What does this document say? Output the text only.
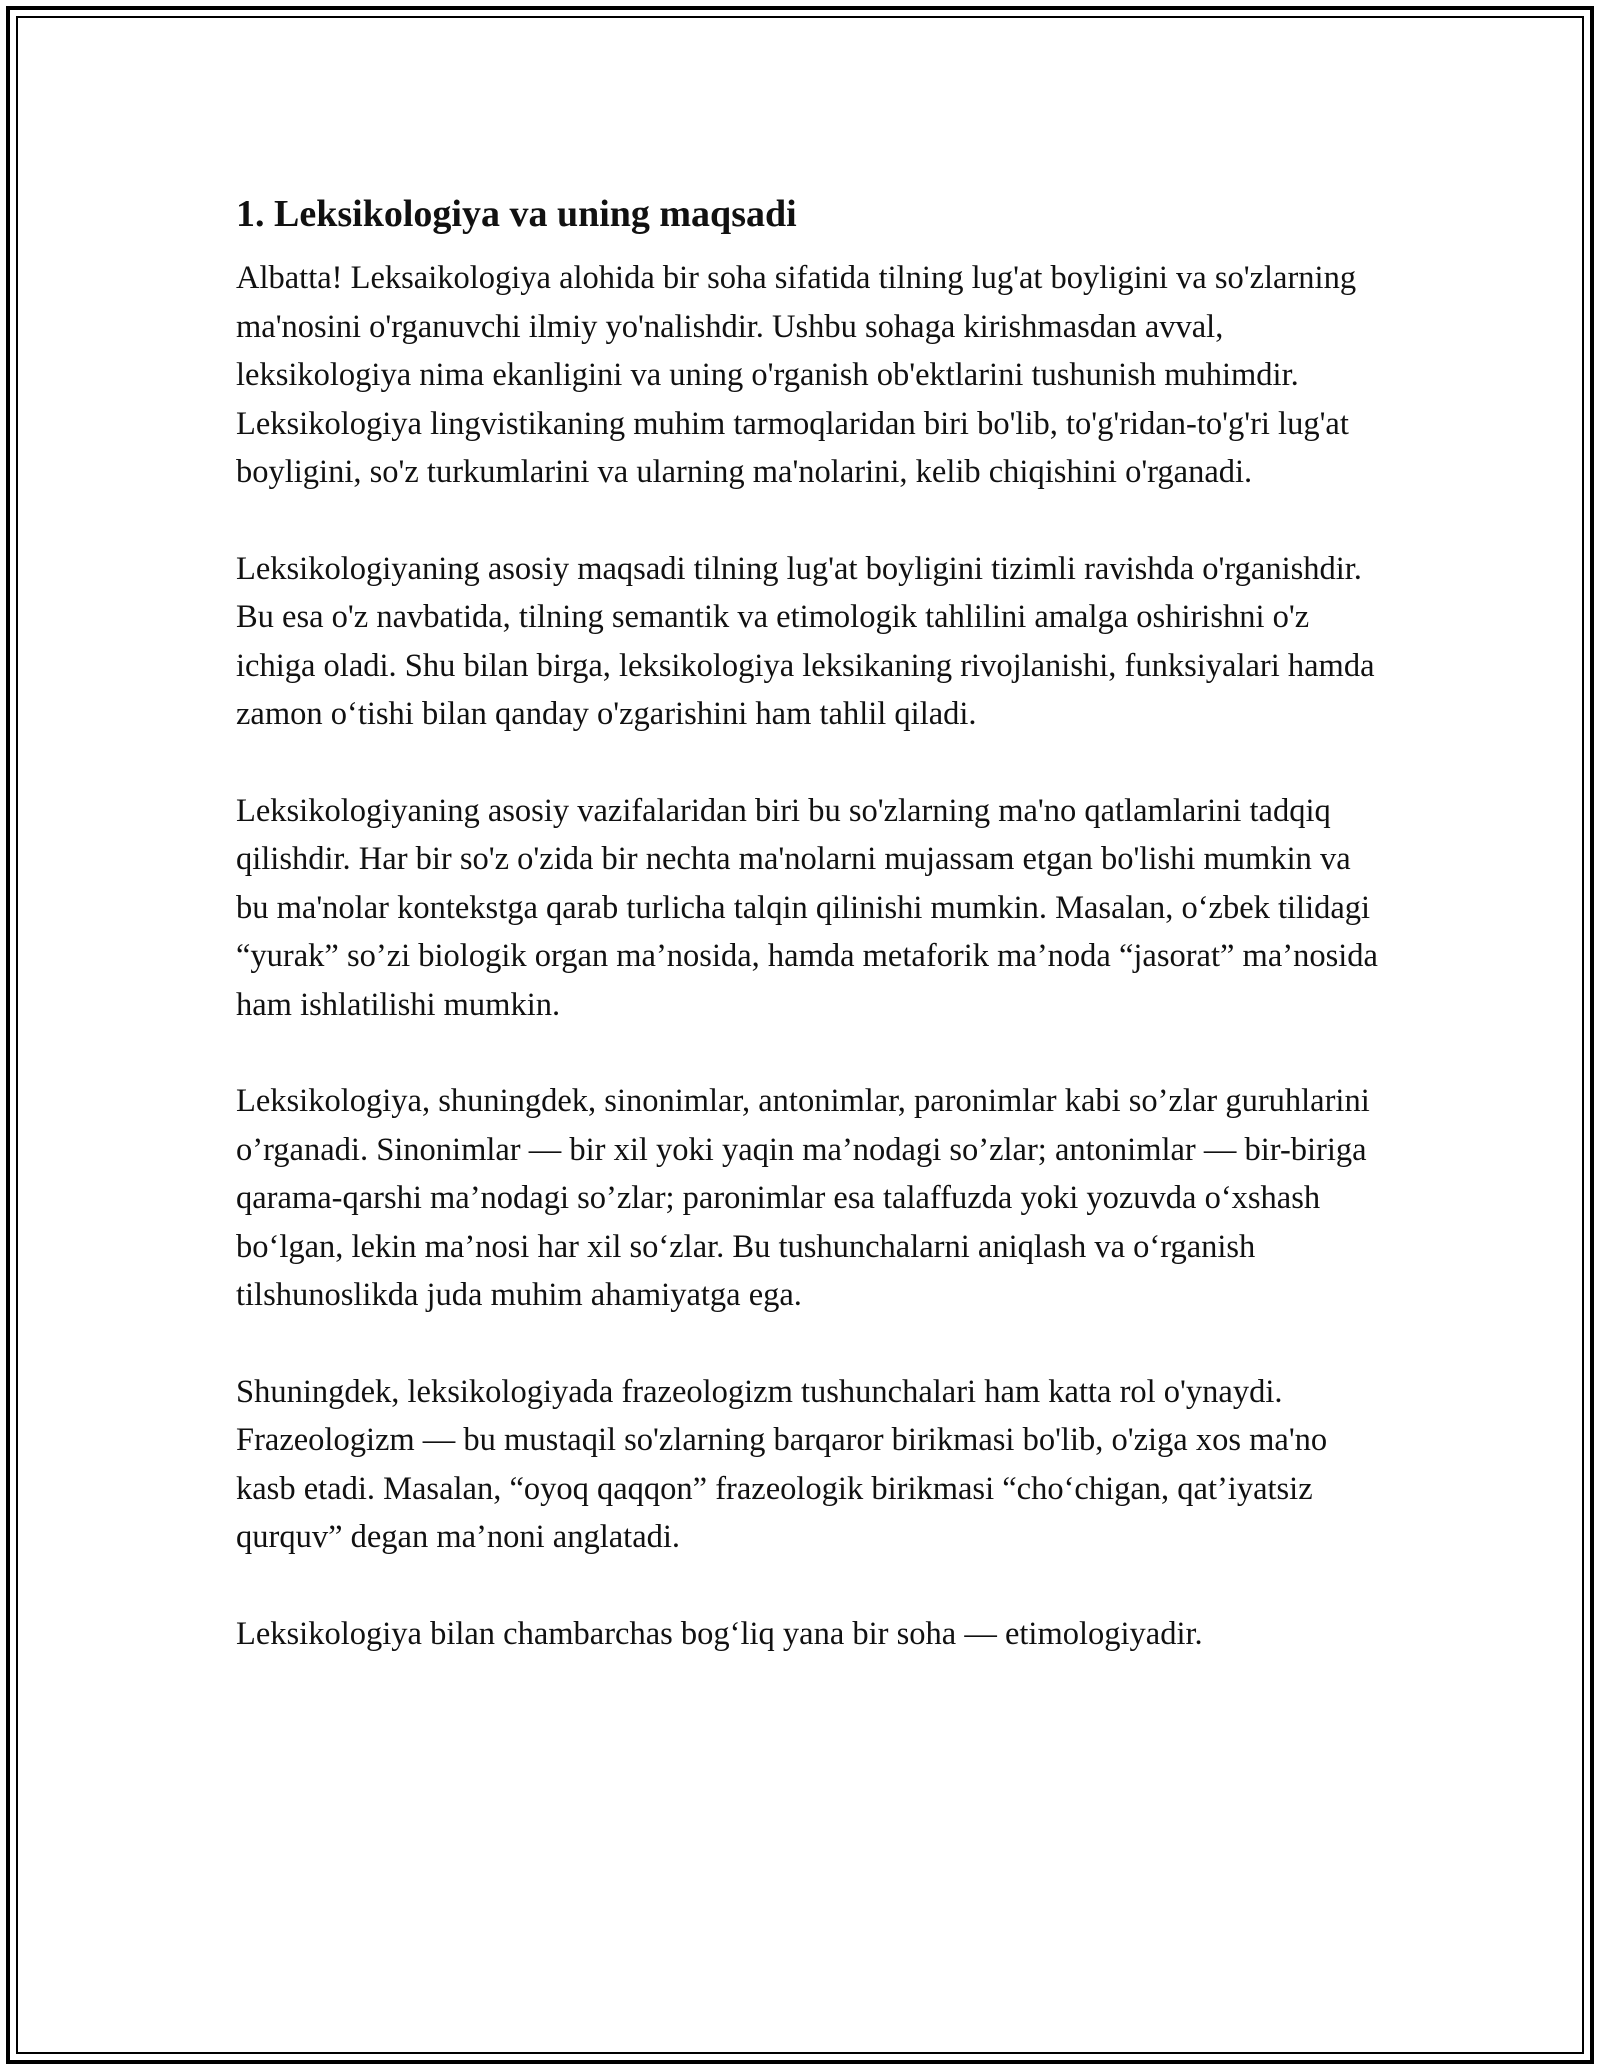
1. Leksikologiya va uning maqsadi

Albatta! Leksaikologiya alohida bir soha sifatida tilning lug'at boyligini va so'zlarning ma'nosini o'rganuvchi ilmiy yo'nalishdir. Ushbu sohaga kirishmasdan avval, leksikologiya nima ekanligini va uning o'rganish ob'ektlarini tushunish muhimdir. Leksikologiya lingvistikaning muhim tarmoqlaridan biri bo'lib, to'g'ridan-to'g'ri lug'at boyligini, so'z turkumlarini va ularning ma'nolarini, kelib chiqishini o'rganadi.

Leksikologiyaning asosiy maqsadi tilning lug'at boyligini tizimli ravishda o'rganishdir. Bu esa o'z navbatida, tilning semantik va etimologik tahlilini amalga oshirishni o'z ichiga oladi. Shu bilan birga, leksikologiya leksikaning rivojlanishi, funksiyalari hamda zamon o‘tishi bilan qanday o'zgarishini ham tahlil qiladi.

Leksikologiyaning asosiy vazifalaridan biri bu so'zlarning ma'no qatlamlarini tadqiq qilishdir. Har bir so'z o'zida bir nechta ma'nolarni mujassam etgan bo'lishi mumkin va bu ma'nolar kontekstga qarab turlicha talqin qilinishi mumkin. Masalan, o‘zbek tilidagi “yurak” so’zi biologik organ ma’nosida, hamda metaforik ma’noda “jasorat” ma’nosida ham ishlatilishi mumkin.

Leksikologiya, shuningdek, sinonimlar, antonimlar, paronimlar kabi so’zlar guruhlarini o’rganadi. Sinonimlar — bir xil yoki yaqin ma’nodagi so’zlar; antonimlar — bir-biriga qarama-qarshi ma’nodagi so’zlar; paronimlar esa talaffuzda yoki yozuvda o‘xshash bo‘lgan, lekin ma’nosi har xil so‘zlar. Bu tushunchalarni aniqlash va o‘rganish tilshunoslikda juda muhim ahamiyatga ega.

Shuningdek, leksikologiyada frazeologizm tushunchalari ham katta rol o'ynaydi. Frazeologizm — bu mustaqil so'zlarning barqaror birikmasi bo'lib, o'ziga xos ma'no kasb etadi. Masalan, “oyoq qaqqon” frazeologik birikmasi “cho‘chigan, qat’iyatsiz qurquv” degan ma’noni anglatadi.

Leksikologiya bilan chambarchas bog‘liq yana bir soha — etimologiyadir.
